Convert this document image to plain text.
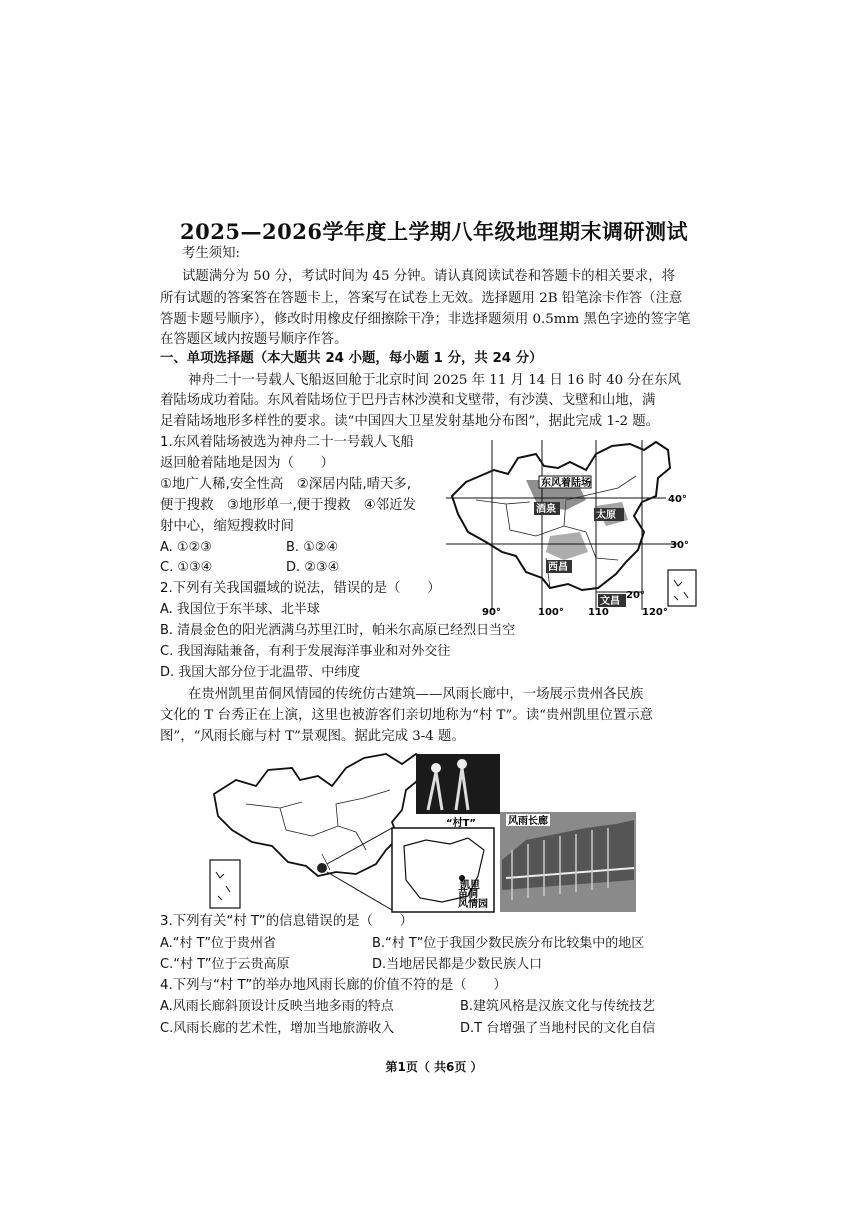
2025—2026学年度上学期八年级地理期末调研测试
考生须知:
试题满分为 50 分，考试时间为 45 分钟。请认真阅读试卷和答题卡的相关要求，将
所有试题的答案答在答题卡上，答案写在试卷上无效。选择题用 2B 铅笔涂卡作答（注意
答题卡题号顺序），修改时用橡皮仔细擦除干净；非选择题须用 0.5mm 黑色字迹的签字笔
在答题区域内按题号顺序作答。
一、单项选择题（本大题共 24 小题，每小题 1 分，共 24 分）
神舟二十一号载人飞船返回舱于北京时间 2025 年 11 月 14 日 16 时 40 分在东风
着陆场成功着陆。东风着陆场位于巴丹吉林沙漠和戈壁带，有沙漠、戈壁和山地，满
足着陆场地形多样性的要求。读“中国四大卫星发射基地分布图”，据此完成 1-2 题。
1.东风着陆场被选为神舟二十一号载人飞船
返回舱着陆地是因为（　　）
①地广人稀,安全性高　②深居内陆,晴天多,
便于搜救　③地形单一,便于搜救　④邻近发
射中心，缩短搜救时间
A. ①②③	B. ①②④
C. ①③④	D. ②③④
东风着陆场
酒泉
太原
西昌
文昌
40°
30°
20°
90°	100° 110	120°
2.下列有关我国疆域的说法，错误的是（　　）
A. 我国位于东半球、北半球
B. 清晨金色的阳光洒满乌苏里江时，帕米尔高原已经烈日当空
C. 我国海陆兼备，有利于发展海洋事业和对外交往
D. 我国大部分位于北温带、中纬度
在贵州凯里苗侗风情园的传统仿古建筑——风雨长廊中，一场展示贵州各民族
文化的 T 台秀正在上演，这里也被游客们亲切地称为“村 T”。读“贵州凯里位置示意
图”，“风雨长廊与村 T”景观图。据此完成 3-4 题。
凯里
苗侗
风情园
“村T”	风雨长廊
3.下列有关“村 T”的信息错误的是（　　）
A.“村 T”位于贵州省	B.“村 T”位于我国少数民族分布比较集中的地区
C.“村 T”位于云贵高原	D.当地居民都是少数民族人口
4.下列与“村 T”的举办地风雨长廊的价值不符的是（　　）
A.风雨长廊斜顶设计反映当地多雨的特点	B.建筑风格是汉族文化与传统技艺
C.风雨长廊的艺术性，增加当地旅游收入	D.T 台增强了当地村民的文化自信
第1页（ 共6页 ）
